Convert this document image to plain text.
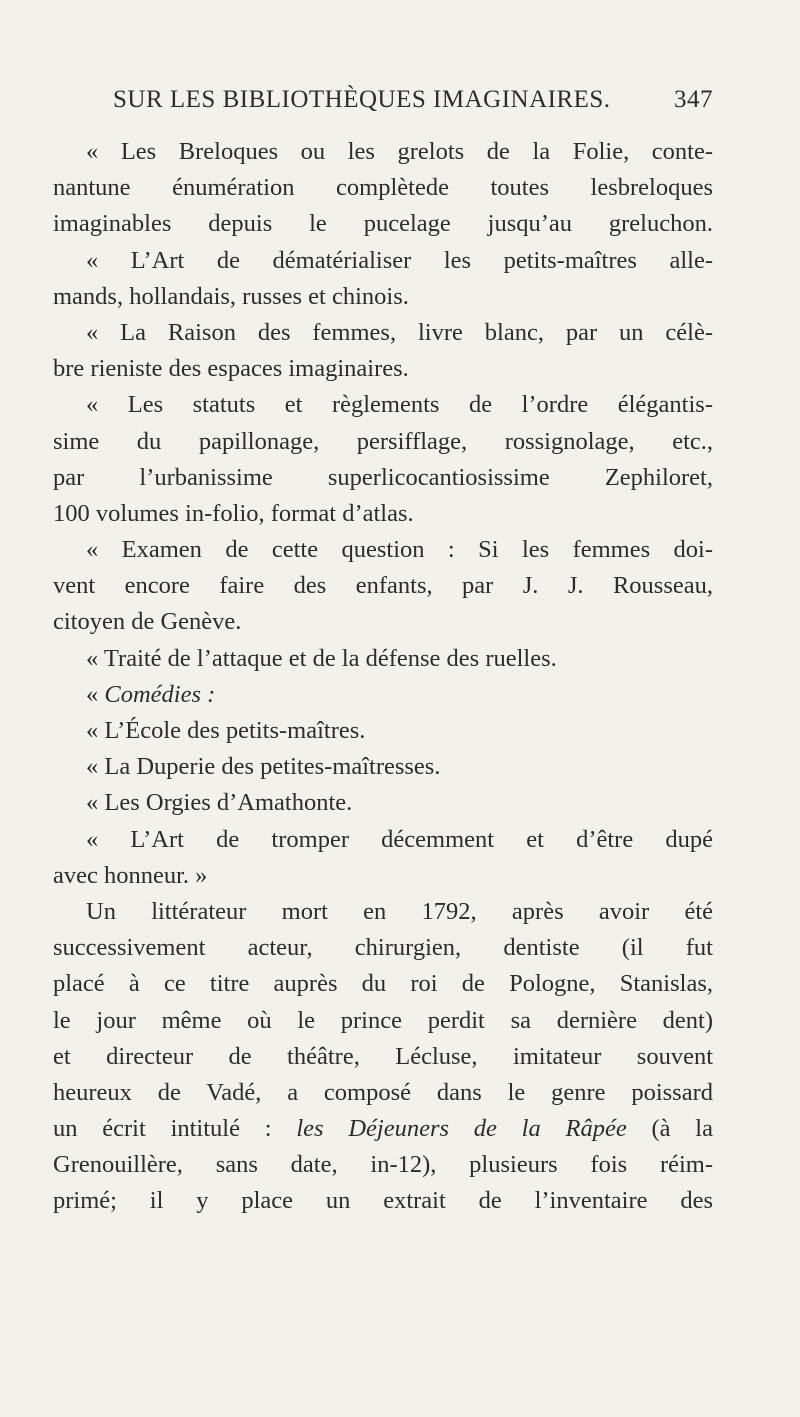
SUR LES BIBLIOTHÈQUES IMAGINAIRES.	347
« Les Breloques ou les grelots de la Folie, conte-
nantune énumération complètede toutes lesbreloques
imaginables depuis le pucelage jusqu’au greluchon.
« L’Art de dématérialiser les petits-maîtres alle-
mands, hollandais, russes et chinois.
« La Raison des femmes, livre blanc, par un célè-
bre rieniste des espaces imaginaires.
« Les statuts et règlements de l’ordre élégantis-
sime du papillonage, persifflage, rossignolage, etc.,
par l’urbanissime superlicocantiosissime Zephiloret,
100 volumes in-folio, format d’atlas.
« Examen de cette question : Si les femmes doi-
vent encore faire des enfants, par J. J. Rousseau,
citoyen de Genève.
« Traité de l’attaque et de la défense des ruelles.
« Comédies :
« L’École des petits-maîtres.
« La Duperie des petites-maîtresses.
« Les Orgies d’Amathonte.
« L’Art de tromper décemment et d’être dupé
avec honneur. »
Un littérateur mort en 1792, après avoir été
successivement acteur, chirurgien, dentiste (il fut
placé à ce titre auprès du roi de Pologne, Stanislas,
le jour même où le prince perdit sa dernière dent)
et directeur de théâtre, Lécluse, imitateur souvent
heureux de Vadé, a composé dans le genre poissard
un écrit intitulé : les Déjeuners de la Râpée (à la
Grenouillère, sans date, in-12), plusieurs fois réim-
primé; il y place un extrait de l’inventaire des
